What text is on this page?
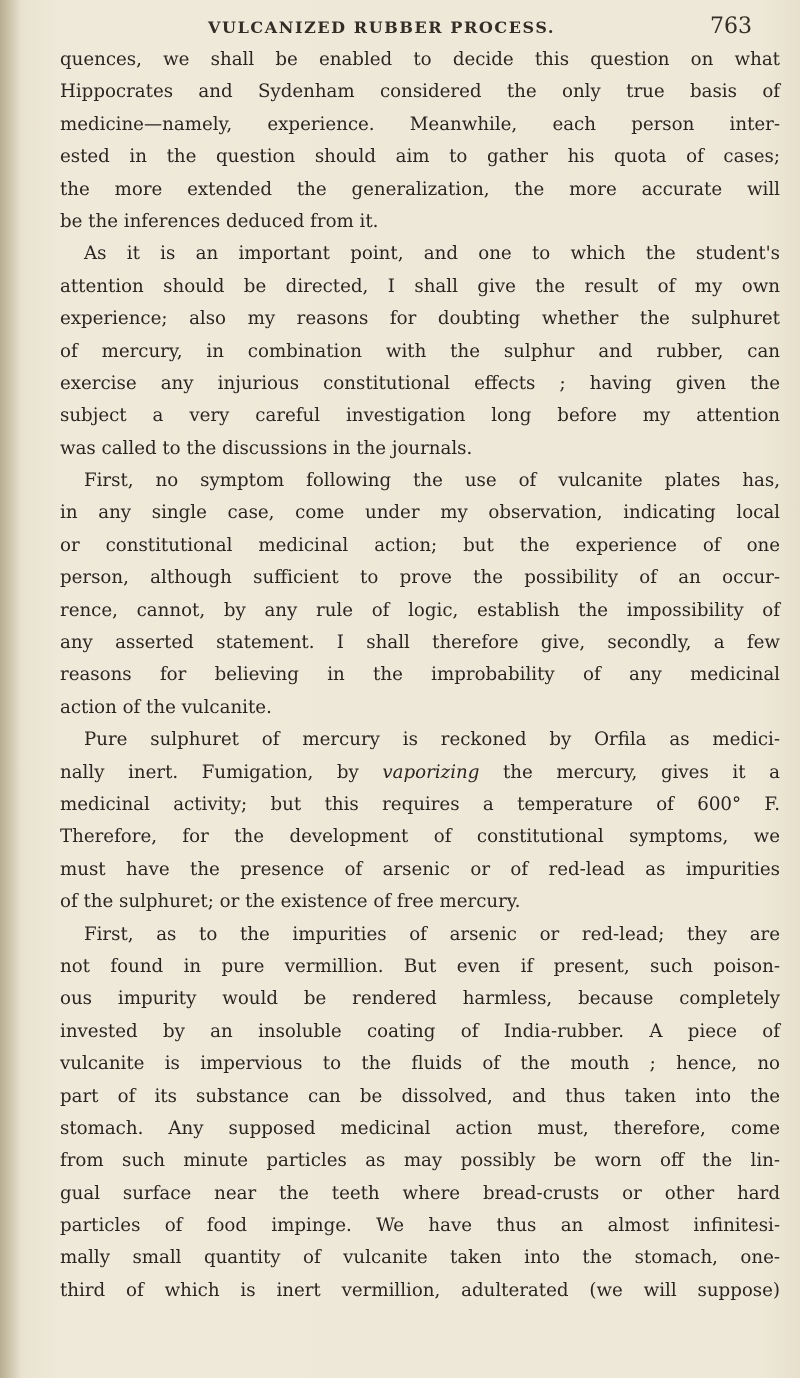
VULCANIZED RUBBER PROCESS.	763
quences, we shall be enabled to decide this question on what
Hippocrates and Sydenham considered the only true basis of
medicine—namely, experience. Meanwhile, each person inter-
ested in the question should aim to gather his quota of cases;
the more extended the generalization, the more accurate will
be the inferences deduced from it.
As it is an important point, and one to which the student's
attention should be directed, I shall give the result of my own
experience; also my reasons for doubting whether the sulphuret
of mercury, in combination with the sulphur and rubber, can
exercise any injurious constitutional effects ; having given the
subject a very careful investigation long before my attention
was called to the discussions in the journals.
First, no symptom following the use of vulcanite plates has,
in any single case, come under my observation, indicating local
or constitutional medicinal action; but the experience of one
person, although sufficient to prove the possibility of an occur-
rence, cannot, by any rule of logic, establish the impossibility of
any asserted statement. I shall therefore give, secondly, a few
reasons for believing in the improbability of any medicinal
action of the vulcanite.
Pure sulphuret of mercury is reckoned by Orfila as medici-
nally inert. Fumigation, by vaporizing the mercury, gives it a
medicinal activity; but this requires a temperature of 600° F.
Therefore, for the development of constitutional symptoms, we
must have the presence of arsenic or of red-lead as impurities
of the sulphuret; or the existence of free mercury.
First, as to the impurities of arsenic or red-lead; they are
not found in pure vermillion. But even if present, such poison-
ous impurity would be rendered harmless, because completely
invested by an insoluble coating of India-rubber. A piece of
vulcanite is impervious to the fluids of the mouth ; hence, no
part of its substance can be dissolved, and thus taken into the
stomach. Any supposed medicinal action must, therefore, come
from such minute particles as may possibly be worn off the lin-
gual surface near the teeth where bread-crusts or other hard
particles of food impinge. We have thus an almost infinitesi-
mally small quantity of vulcanite taken into the stomach, one-
third of which is inert vermillion, adulterated (we will suppose)
